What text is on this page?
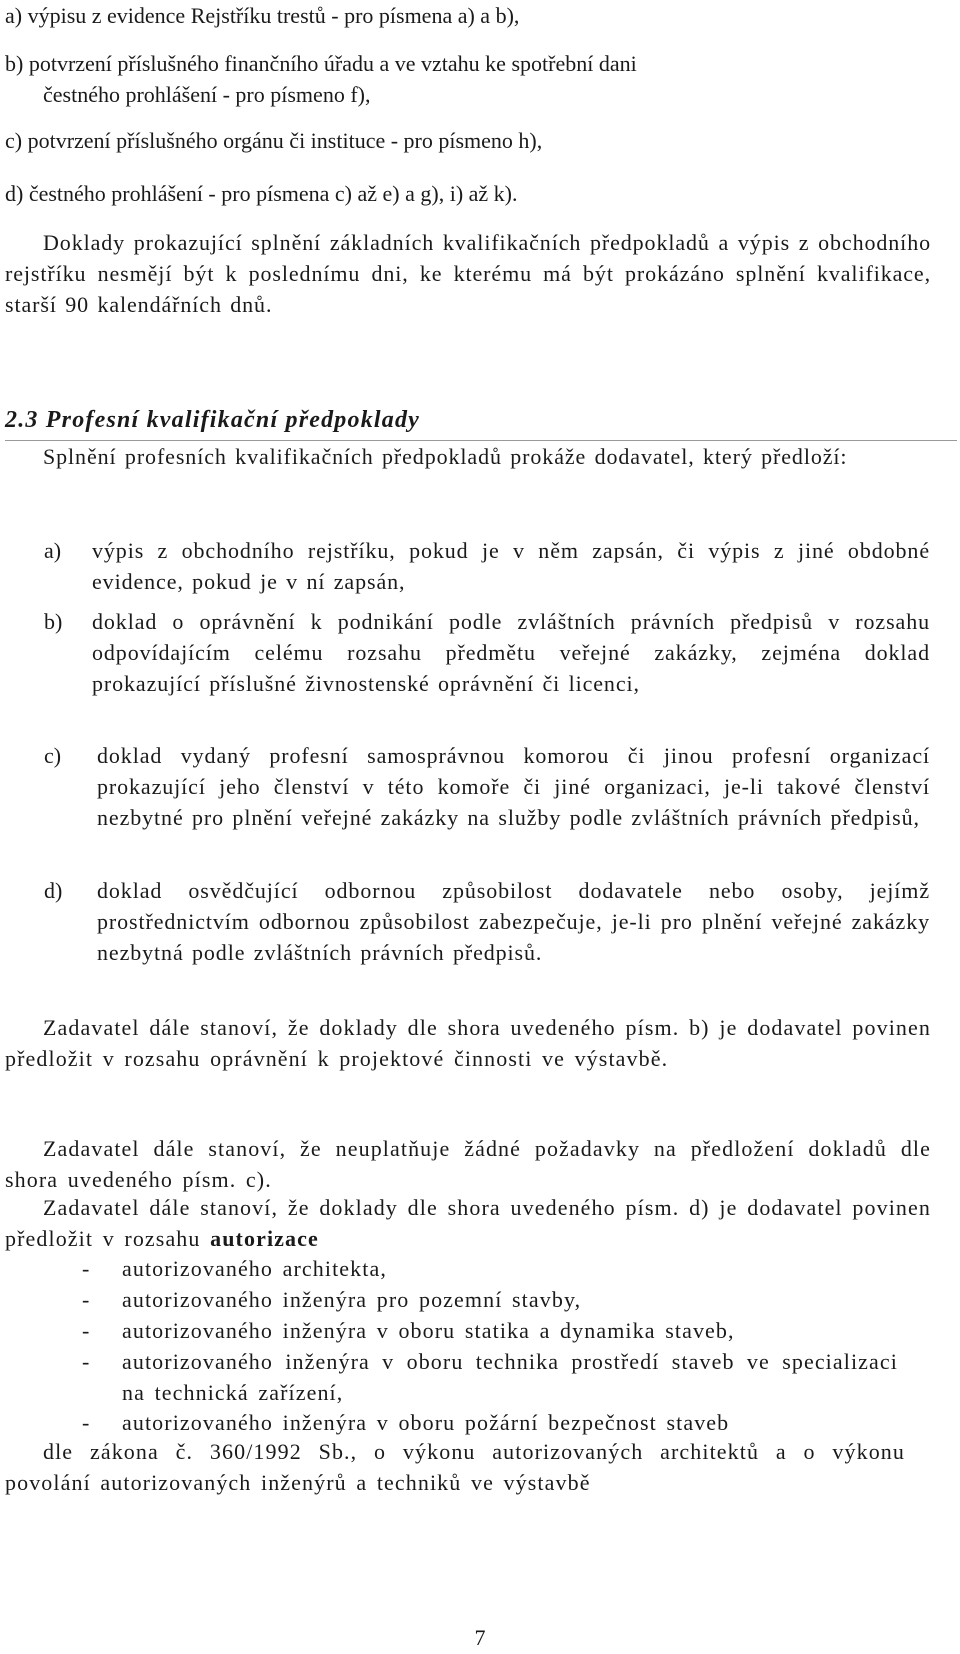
a) výpisu z evidence Rejstříku trestů - pro písmena a) a b),
b) potvrzení příslušného finančního úřadu a ve vztahu ke spotřební dani
čestného prohlášení - pro písmeno f),
c) potvrzení příslušného orgánu či instituce - pro písmeno h),
d) čestného prohlášení - pro písmena c) až e) a g), i) až k).
Doklady prokazující splnění základních kvalifikačních předpokladů a výpis z obchodního rejstříku nesmějí být k poslednímu dni, ke kterému má být prokázáno splnění kvalifikace, starší 90 kalendářních dnů.
2.3 Profesní kvalifikační předpoklady
Splnění profesních kvalifikačních předpokladů prokáže dodavatel, který předloží:
a) výpis z obchodního rejstříku, pokud je v něm zapsán, či výpis z jiné obdobné evidence, pokud je v ní zapsán,
b) doklad o oprávnění k podnikání podle zvláštních právních předpisů v rozsahu odpovídajícím celému rozsahu předmětu veřejné zakázky, zejména doklad prokazující příslušné živnostenské oprávnění či licenci,
c) doklad vydaný profesní samosprávnou komorou či jinou profesní organizací prokazující jeho členství v této komoře či jiné organizaci, je-li takové členství nezbytné pro plnění veřejné zakázky na služby podle zvláštních právních předpisů,
d) doklad osvědčující odbornou způsobilost dodavatele nebo osoby, jejímž prostřednictvím odbornou způsobilost zabezpečuje, je-li pro plnění veřejné zakázky nezbytná podle zvláštních právních předpisů.
Zadavatel dále stanoví, že doklady dle shora uvedeného písm. b) je dodavatel povinen předložit v rozsahu oprávnění k projektové činnosti ve výstavbě.
Zadavatel dále stanoví, že neuplatňuje žádné požadavky na předložení dokladů dle shora uvedeného písm. c).
Zadavatel dále stanoví, že doklady dle shora uvedeného písm. d) je dodavatel povinen předložit v rozsahu autorizace
- autorizovaného architekta,
- autorizovaného inženýra pro pozemní stavby,
- autorizovaného inženýra v oboru statika a dynamika staveb,
- autorizovaného inženýra v oboru technika prostředí staveb ve specializaci na technická zařízení,
- autorizovaného inženýra v oboru požární bezpečnost staveb
dle zákona č. 360/1992 Sb., o výkonu autorizovaných architektů a o výkonu povolání autorizovaných inženýrů a techniků ve výstavbě
7
